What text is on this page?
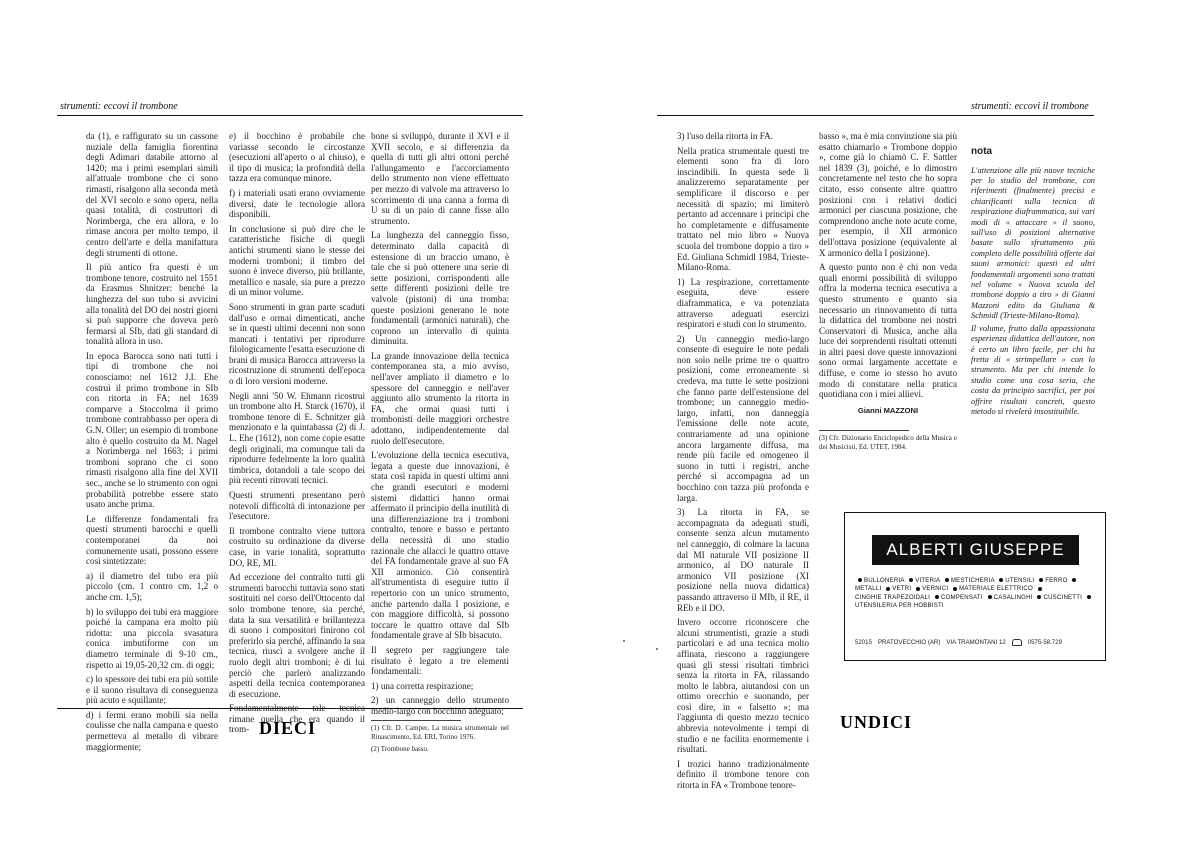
strumenti: eccovi il trombone

da (1), e raffigurato su un cassone nuziale della famiglia fiorentina degli Adimari databile attorno al 1420; ma i primi esemplari simili all'attuale trombone che ci sono rimasti, risalgono alla seconda metà del XVI secolo e sono opera, nella quasi totalità, di costruttori di Norimberga, che era allora, e lo rimase ancora per molto tempo, il centro dell'arte e della manifattura degli strumenti di ottone.

Il più antico fra questi è un trombone tenore, costruito nel 1551 da Erasmus Shnitzer: benché la lunghezza del suo tubo si avvicini alla tonalità del DO dei nostri giorni si può supporre che doveva però fermarsi al SIb, dati gli standard di tonalità allora in uso.

In epoca Barocca sono nati tutti i tipi di trombone che noi conosciamo: nel 1612 J.I. Ehe costruì il primo trombone in SIb con ritorta in FA; nel 1639 comparve a Stoccolma il primo trombone contrabbasso per opera di G.N. Oller; un esempio di trombone alto è quello costruito da M. Nagel a Norimberga nel 1663; i primi tromboni soprano che ci sono rimasti risalgono alla fine del XVII sec., anche se lo strumento con ogni probabilità potrebbe essere stato usato anche prima.

Le differenze fondamentali fra questi strumenti barocchi e quelli contemporanei da noi comunemente usati, possono essere così sintetizzate:

a) il diametro del tubo era più piccolo (cm. 1 contro cm. 1,2 o anche cm. 1,5);

b) lo sviluppo dei tubi era maggiore poiché la campana era molto più ridotta: una piccola svasatura conica imbutiforme con un diametro terminale di 9-10 cm., rispetto ai 19,05-20,32 cm. di oggi;

c) lo spessore dei tubi era più sottile e il suono risultava di conseguenza più acuto e squillante;

d) i fermi erano mobili sia nella coulisse che nalla campana e questo permetteva al metallo di vibrare maggiormente;

e) il bocchino è probabile che variasse secondo le circostanze (esecuzioni all'aperto o al chiuso), e il tipo di musica; la profondità della tazza era comunque minore.

f) i materiali usati erano ovviamente diversi, date le tecnologie allora disponibili.

In conclusione si può dire che le caratteristiche fisiche di quegli antichi strumenti siano le stesse dei moderni tromboni; il timbro del suono è invece diverso, più brillante, metallico e nasale, sia pure a prezzo di un minor volume.

Sono strumenti in gran parte scaduti dall'uso e ormai dimenticati, anche se in questi ultimi decenni non sono mancati i tentativi per riprodurre filologicamente l'esatta esecuzione di brani di musica Barocca attraverso la ricostruzione di strumenti dell'epoca o di loro versioni moderne.

Negli anni '50 W. Ehmann ricostruì un trombone alto H. Starck (1670), il trombone tenore di E. Schnitzer già menzionato e la quintabassa (2) di J. L. Ehe (1612), non come copie esatte degli originali, ma comunque tali da riprodurre fedelmente la loro qualità timbrica, dotandoli a tale scopo dei più recenti ritrovati tecnici.

Questi strumenti presentano però notevoli difficoltà di intonazione per l'esecutore.

Il trombone contralto viene tuttora costruito su ordinazione da diverse case, in varie tonalità, soprattutto DO, RE, MI.

Ad eccezione del contralto tutti gli strumenti barocchi tuttavia sono stati sostituiti nel corso dell'Ottocento dal solo trombone tenore, sia perché, data la sua versatilità e brillantezza di suono i compositori finirono col preferirlo sia perché, affinando la sua tecnica, riuscì a svolgere anche il ruolo degli altri tromboni; è di lui perciò che parlerò analizzando aspetti della tecnica contemporanea di esecuzione.

Fondamentalmente tale tecnica rimane quella che era quando il trom-

bone si sviluppò, durante il XVI e il XVII secolo, e si differenzia da quella di tutti gli altri ottoni perché l'allungamento e l'accorciamento dello strumento non viene effettuato per mezzo di valvole ma attraverso lo scorrimento di una canna a forma di U su di un paio di canne fisse allo strumento.

La lunghezza del canneggio fisso, determinato dalla capacità di estensione di un braccio umano, è tale che si può ottenere una serie di sette posizioni, corrispondenti alle sette differenti posizioni delle tre valvole (pistoni) di una tromba: queste posizioni generano le note fondamentali (armonici naturali), che coprono un intervallo di quinta diminuita.

La grande innovazione della tecnica contemporanea sta, a mio avviso, nell'aver ampliato il diametro e lo spessore del canneggio e nell'aver aggiunto allo strumento la ritorta in FA, che ormai quasi tutti i trombonisti delle maggiori orchestre adottano, indipendentemente dal ruolo dell'esecutore.

L'evoluzione della tecnica esecutiva, legata a queste due innovazioni, è stata così rapida in questi ultimi anni che grandi esecutori e moderni sistemi didattici hanno ormai affermato il principio della inutilità di una differenziazione tra i tromboni contralto, tenore e basso e pertanto della necessità di uno studio razionale che allacci le quattro ottave del FA fondamentale grave al suo FA XII armonico. Ciò consentirà all'strumentista di eseguire tutto il repertorio con un unico strumento, anche partendo dalla I posizione, e con maggiore difficoltà, si possono toccare le quattro ottave dal SIb fondamentale grave al SIb bisacuto.

Il segreto per raggiungere tale risultato è legato a tre elementi fondamentali:

1) una corretta respirazione;

2) un canneggio dello strumento medio-largo con bocchino adeguato;

(1) Cfr. D. Camper, La musica strumentale nel Rinascimento, Ed. ERI, Torino 1976.

(2) Trombone basso.

DIECI
strumenti: eccovi il trombone

3) l'uso della ritorta in FA.

Nella pratica strumentale questi tre elementi sono fra di loro inscindibili. In questa sede li analizzeremo separatamente per semplificare il discorso e per necessità di spazio; mi limiterò pertanto ad accennare i principi che ho completamente e diffusamente trattato nel mio libro « Nuova scuola del trombone doppio a tiro » Ed. Giuliana Schmidl 1984, Trieste-Milano-Roma.

1) La respirazione, correttamente eseguita, deve essere diaframmatica, e va potenziata attraverso adeguati esercizi respiratori e studi con lo strumento.

2) Un canneggio medio-largo consente di eseguire le note pedali non solo nelle prime tre o quattro posizioni, come erroneamente si credeva, ma tutte le sette posizioni che fanno parte dell'estensione del trombone; un canneggio medio-largo, infatti, non danneggia l'emissione delle note acute, contrariamente ad una opinione ancora largamente diffusa, ma rende più facile ed omogeneo il suono in tutti i registri, anche perché si accompagna ad un bocchino con tazza più profonda e larga.

3) La ritorta in FA, se accompagnata da adeguati studi, consente senza alcun mutamento nel canneggio, di colmare la lacuna dal MI naturale VII posizione II armonico, al DO naturale II armonico VII posizione (XI posizione nella nuova didattica) passando attraverso il MIb, il RE, il REb e il DO.

Invero occorre riconoscere che alcuni strumentisti, grazie a studi particolari e ad una tecnica molto affinata, riescono a raggiungere quasi gli stessi risultati timbrici senza la ritorta in FA, rilassando molto le labbra, aiutandosi con un ottimo orecchio e suonando, per così dire, in « falsetto »; ma l'aggiunta di questo mezzo tecnico abbrevia notevolmente i tempi di studio e ne facilita enormemente i risultati.

I trozici hanno tradizionalmente definito il trombone tenore con ritorta in FA « Trombone tenore-

basso », ma è mia convinzione sia più esatto chiamarlo « Trombone doppio », come già lo chiamò C. F. Sattler nel 1839 (3), poiché, e lo dimostro concretamente nel testo che ho sopra citato, esso consente altre quattro posizioni con i relativi dodici armonici per ciascuna posizione, che comprendono anche note acute come, per esempio, il XII armonico dell'ottava posizione (equivalente al X armonico della I posizione).

A questo punto non è chi non veda quali enormi possibilità di sviluppo offra la moderna tecnica esecutiva a questo strumento e quanto sia necessario un rinnovamento di tutta la didattica del trombone nei nostri Conservatori di Musica, anche alla luce dei sorprendenti risultati ottenuti in altri paesi dove queste innovazioni sono ormai largamente accettate e diffuse, e come io stesso ho avuto modo di constatare nella pratica quotidiana con i miei allievi.

Gianni MAZZONI

(3) Cfr. Dizionario Enciclopedico della Musica e dei Musicisti, Ed. UTET, 1984.

nota

L'attenzione alle più nuove tecniche per lo studio del trombone, con riferimenti (finalmente) precisi e chiarificanti sulla tecnica di respirazione diaframmatica, sui vari modi di « attaccare » il suono, sull'uso di posizioni alternative basate sullo sfruttamento più completo delle possibilità offerte dai suoni armonici: questi ed altri fondamentali argomenti sono trattati nel volume « Nuova scuola del trombone doppio a tiro » di Gianni Mazzoni edito da Giuliana & Schmidl (Trieste-Milano-Roma).

Il volume, frutto dalla appassionata esperienza didattica dell'autore, non è certo un libro facile, per chi ha fretta di « strimpellare » con lo strumento. Ma per chi intende lo studio come una cosa seria, che costa da principio sacrifici, per poi offrire risultati concreti, questo metodo si rivelerà insostituibile.

ALBERTI GIUSEPPE
BULLONERIA VITERIA MESTICHERIA UTENSILI FERRO METALLI VETRI VERNICI MATERIALE ELETTRICO CINGHIE TRAPEZOIDALI COMPENSATI CASALINGHI CUSCINETTI UTENSILERIA PER HOBBISTI
52015 PRATOVECCHIO (AR) VIA TRAMONTANI 12	0575-58.729
UNDICI
